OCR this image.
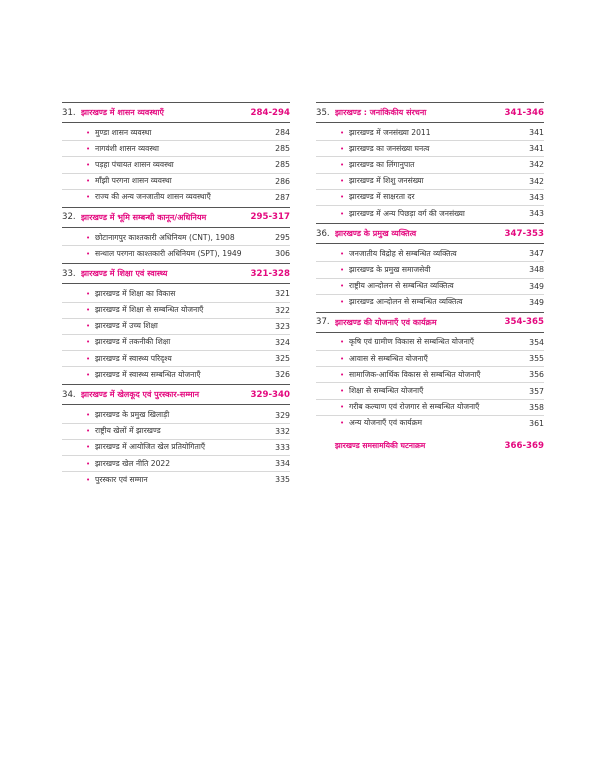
31. झारखण्ड में शासन व्यवस्थाएँ	284-294
• मुण्डा शासन व्यवस्था	284
• नागवंशी शासन व्यवस्था	285
• पड़हा पंचायत शासन व्यवस्था	285
• माँझी परगना शासन व्यवस्था	286
• राज्य की अन्य जनजातीय शासन व्यवस्थाएँ	287
32. झारखण्ड में भूमि सम्बन्धी कानून/अधिनियम	295-317
• छोटानागपुर काश्तकारी अधिनियम (CNT), 1908	295
• सन्थाल परगना काश्तकारी अधिनियम (SPT), 1949	306
33. झारखण्ड में शिक्षा एवं स्वास्थ्य	321-328
• झारखण्ड में शिक्षा का विकास	321
• झारखण्ड में शिक्षा से सम्बन्धित योजनाएँ	322
• झारखण्ड में उच्च शिक्षा	323
• झारखण्ड में तकनीकी शिक्षा	324
• झारखण्ड में स्वास्थ्य परिदृश्य	325
• झारखण्ड में स्वास्थ्य सम्बन्धित योजनाएँ	326
34. झारखण्ड में खेलकूद एवं पुरस्कार-सम्मान	329-340
• झारखण्ड के प्रमुख खिलाड़ी	329
• राष्ट्रीय खेलों में झारखण्ड	332
• झारखण्ड में आयोजित खेल प्रतियोगिताएँ	333
• झारखण्ड खेल नीति 2022	334
• पुरस्कार एवं सम्मान	335
35. झारखण्ड : जनांकिकीय संरचना	341-346
• झारखण्ड में जनसंख्या 2011	341
• झारखण्ड का जनसंख्या घनत्व	341
• झारखण्ड का लिंगानुपात	342
• झारखण्ड में शिशु जनसंख्या	342
• झारखण्ड में साक्षरता दर	343
• झारखण्ड में अन्य पिछड़ा वर्ग की जनसंख्या	343
36. झारखण्ड के प्रमुख व्यक्तित्व	347-353
• जनजातीय विद्रोह से सम्बन्धित व्यक्तित्व	347
• झारखण्ड के प्रमुख समाजसेवी	348
• राष्ट्रीय आन्दोलन से सम्बन्धित व्यक्तित्व	349
• झारखण्ड आन्दोलन से सम्बन्धित व्यक्तित्व	349
37. झारखण्ड की योजनाएँ एवं कार्यक्रम	354-365
• कृषि एवं ग्रामीण विकास से सम्बन्धित योजनाएँ	354
• आवास से सम्बन्धित योजनाएँ	355
• सामाजिक-आर्थिक विकास से सम्बन्धित योजनाएँ	356
• शिक्षा से सम्बन्धित योजनाएँ	357
• गरीब कल्याण एवं रोजगार से सम्बन्धित योजनाएँ	358
• अन्य योजनाएँ एवं कार्यक्रम	361
झारखण्ड समसामयिकी घटनाक्रम	366-369
